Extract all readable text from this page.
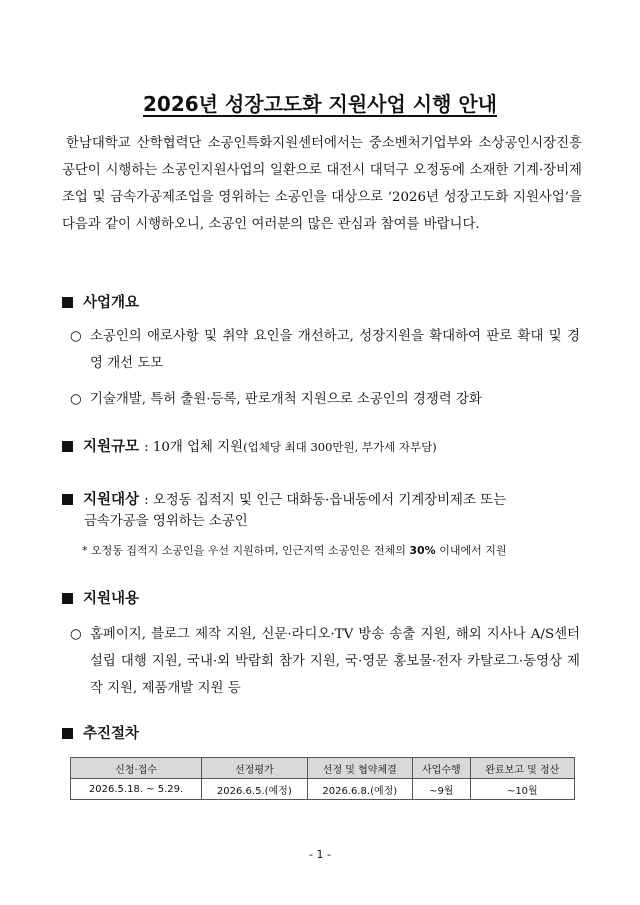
2026년 성장고도화 지원사업 시행 안내
한남대학교 산학협력단 소공인특화지원센터에서는 중소벤처기업부와 소상공인시장진흥공단이 시행하는 소공인지원사업의 일환으로 대전시 대덕구 오정동에 소재한 기계·장비제조업 및 금속가공제조업을 영위하는 소공인을 대상으로 ‘2026년 성장고도화 지원사업’을 다음과 같이 시행하오니, 소공인 여러분의 많은 관심과 참여를 바랍니다.
사업개요
○ 소공인의 애로사항 및 취약 요인을 개선하고, 성장지원을 확대하여 판로 확대 및 경영 개선 도모
○ 기술개발, 특허 출원·등록, 판로개척 지원으로 소공인의 경쟁력 강화
지원규모 : 10개 업체 지원(업체당 최대 300만원, 부가세 자부담)
지원대상 : 오정동 집적지 및 인근 대화동·읍내동에서 기계장비제조 또는
금속가공을 영위하는 소공인
* 오정동 집적지 소공인을 우선 지원하며, 인근지역 소공인은 전체의 30% 이내에서 지원
지원내용
○ 홈페이지, 블로그 제작 지원, 신문·라디오·TV 방송 송출 지원, 해외 지사나 A/S센터 설립 대행 지원, 국내·외 박람회 참가 지원, 국·영문 홍보물·전자 카탈로그·동영상 제작 지원, 제품개발 지원 등
추진절차
신청·접수	선정평가	선정 및 협약체결	사업수행	완료보고 및 정산
2026.5.18. ~ 5.29.	2026.6.5.(예정)	2026.6.8.(예정)	~9월	~10월
- 1 -
